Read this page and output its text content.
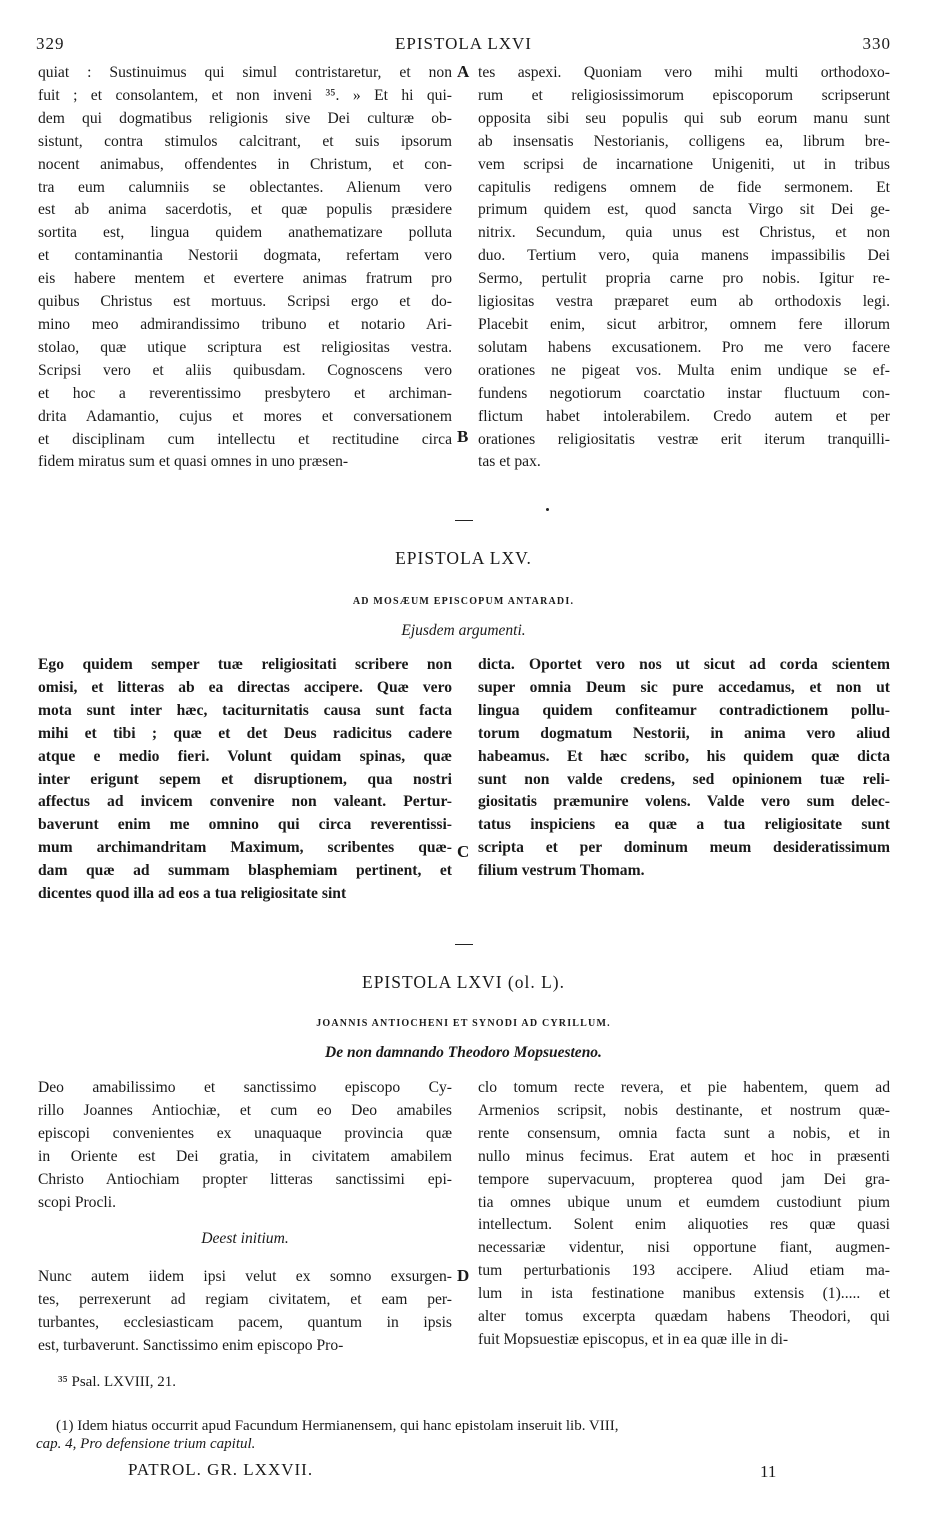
329	EPISTOLA LXVI	330
quiat : Sustinuimus qui simul contristaretur, et non
fuit ; et consolantem, et non inveni ³⁵. » Et hi qui-
dem qui dogmatibus religionis sive Dei culturæ ob-
sistunt, contra stimulos calcitrant, et suis ipsorum
nocent animabus, offendentes in Christum, et con-
tra eum calumniis se oblectantes. Alienum vero
est ab anima sacerdotis, et quæ populis præsidere
sortita est, lingua quidem anathematizare polluta
et contaminantia Nestorii dogmata, refertam vero
eis habere mentem et evertere animas fratrum pro
quibus Christus est mortuus. Scripsi ergo et do-
mino meo admirandissimo tribuno et notario Ari-
stolao, quæ utique scriptura est religiositas vestra.
Scripsi vero et aliis quibusdam. Cognoscens vero
et hoc a reverentissimo presbytero et archiman-
drita Adamantio, cujus et mores et conversationem
et disciplinam cum intellectu et rectitudine circa
fidem miratus sum et quasi omnes in uno præsen-
tes aspexi. Quoniam vero mihi multi orthodoxo-
rum et religiosissimorum episcoporum scripserunt
opposita sibi seu populis qui sub eorum manu sunt
ab insensatis Nestorianis, colligens ea, librum bre-
vem scripsi de incarnatione Unigeniti, ut in tribus
capitulis redigens omnem de fide sermonem. Et
primum quidem est, quod sancta Virgo sit Dei ge-
nitrix. Secundum, quia unus est Christus, et non
duo. Tertium vero, quia manens impassibilis Dei
Sermo, pertulit propria carne pro nobis. Igitur re-
ligiositas vestra præparet eum ab orthodoxis legi.
Placebit enim, sicut arbitror, omnem fere illorum
solutam habens excusationem. Pro me vero facere
orationes ne pigeat vos. Multa enim undique se ef-
fundens negotiorum coarctatio instar fluctuum con-
flictum habet intolerabilem. Credo autem et per
orationes religiositatis vestræ erit iterum tranquilli-
tas et pax.
A
B
EPISTOLA LXV.
AD MOSÆUM EPISCOPUM ANTARADI.
Ejusdem argumenti.
Ego quidem semper tuæ religiositati scribere non
omisi, et litteras ab ea directas accipere. Quæ vero
mota sunt inter hæc, taciturnitatis causa sunt facta
mihi et tibi ; quæ et det Deus radicitus cadere
atque e medio fieri. Volunt quidam spinas, quæ
inter erigunt sepem et disruptionem, qua nostri
affectus ad invicem convenire non valeant. Pertur-
baverunt enim me omnino qui circa reverentissi-
mum archimandritam Maximum, scribentes quæ-
dam quæ ad summam blasphemiam pertinent, et
dicentes quod illa ad eos a tua religiositate sint
dicta. Oportet vero nos ut sicut ad corda scientem
super omnia Deum sic pure accedamus, et non ut
lingua quidem confiteamur contradictionem pollu-
torum dogmatum Nestorii, in anima vero aliud
habeamus. Et hæc scribo, his quidem quæ dicta
sunt non valde credens, sed opinionem tuæ reli-
giositatis præmunire volens. Valde vero sum delec-
tatus inspiciens ea quæ a tua religiositate sunt
scripta et per dominum meum desideratissimum
filium vestrum Thomam.
C
EPISTOLA LXVI (ol. L).
JOANNIS ANTIOCHENI ET SYNODI AD CYRILLUM.
De non damnando Theodoro Mopsuesteno.
Deo amabilissimo et sanctissimo episcopo Cy-
rillo Joannes Antiochiæ, et cum eo Deo amabiles
episcopi convenientes ex unaquaque provincia quæ
in Oriente est Dei gratia, in civitatem amabilem
Christo Antiochiam propter litteras sanctissimi epi-
scopi Procli.
Deest initium.
Nunc autem iidem ipsi velut ex somno exsurgen-
tes, perrexerunt ad regiam civitatem, et eam per-
turbantes, ecclesiasticam pacem, quantum in ipsis
est, turbaverunt. Sanctissimo enim episcopo Pro-
clo tomum recte revera, et pie habentem, quem ad
Armenios scripsit, nobis destinante, et nostrum quæ-
rente consensum, omnia facta sunt a nobis, et in
nullo minus fecimus. Erat autem et hoc in præsenti
tempore supervacuum, propterea quod jam Dei gra-
tia omnes ubique unum et eumdem custodiunt pium
intellectum. Solent enim aliquoties res quæ quasi
necessariæ videntur, nisi opportune fiant, augmen-
tum perturbationis 193 accipere. Aliud etiam ma-
lum in ista festinatione manibus extensis (1)..... et
alter tomus excerpta quædam habens Theodori, qui
fuit Mopsuestiæ episcopus, et in ea quæ ille in di-
D
³⁵ Psal. LXVIII, 21.
(1) Idem hiatus occurrit apud Facundum Hermianensem, qui hanc epistolam inseruit lib. VIII,
cap. 4, Pro defensione trium capitul.
PATROL. GR. LXXVII.	11
